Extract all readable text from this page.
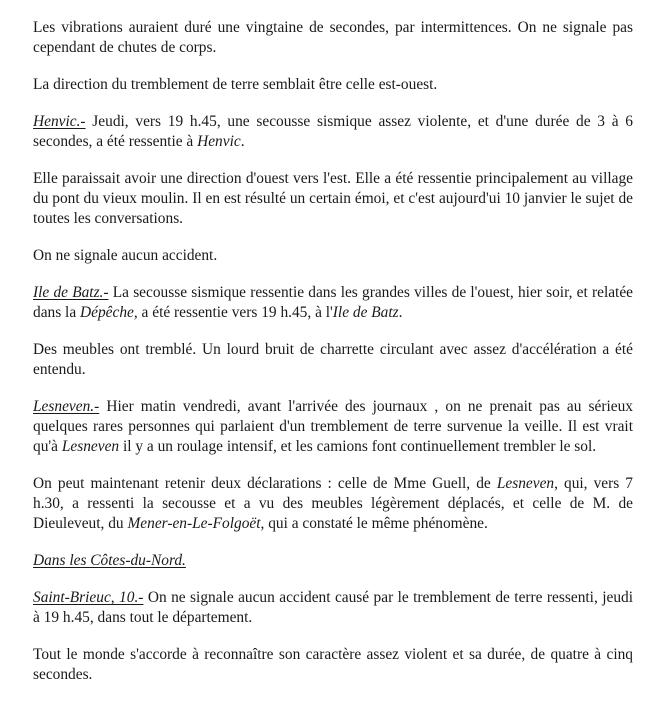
Les vibrations auraient duré une vingtaine de secondes, par intermittences. On ne signale pas cependant de chutes de corps.

La direction du tremblement de terre semblait être celle est-ouest.

Henvic.- Jeudi, vers 19 h.45, une secousse sismique assez violente, et d'une durée de 3 à 6 secondes, a été ressentie à Henvic.

Elle paraissait avoir une direction d'ouest vers l'est. Elle a été ressentie principalement au village du pont du vieux moulin. Il en est résulté un certain émoi, et c'est aujourd'ui 10 janvier le sujet de toutes les conversations.

On ne signale aucun accident.

Ile de Batz.- La secousse sismique ressentie dans les grandes villes de l'ouest, hier soir, et relatée dans la Dépêche, a été ressentie vers 19 h.45, à l'Ile de Batz.

Des meubles ont tremblé. Un lourd bruit de charrette circulant avec assez d'accélération a été entendu.

Lesneven.- Hier matin vendredi, avant l'arrivée des journaux , on ne prenait pas au sérieux quelques rares personnes qui parlaient d'un tremblement de terre survenue la veille. Il est vrait qu'à Lesneven il y a un roulage intensif, et les camions font continuellement trembler le sol.

On peut maintenant retenir deux déclarations : celle de Mme Guell, de Lesneven, qui, vers 7 h.30, a ressenti la secousse et a vu des meubles légèrement déplacés, et celle de M. de Dieuleveut, du Mener-en-Le-Folgoët, qui a constaté le même phénomène.

Dans les Côtes-du-Nord.

Saint-Brieuc, 10.- On ne signale aucun accident causé par le tremblement de terre ressenti, jeudi à 19 h.45, dans tout le département.

Tout le monde s'accorde à reconnaître son caractère assez violent et sa durée, de quatre à cinq secondes.
